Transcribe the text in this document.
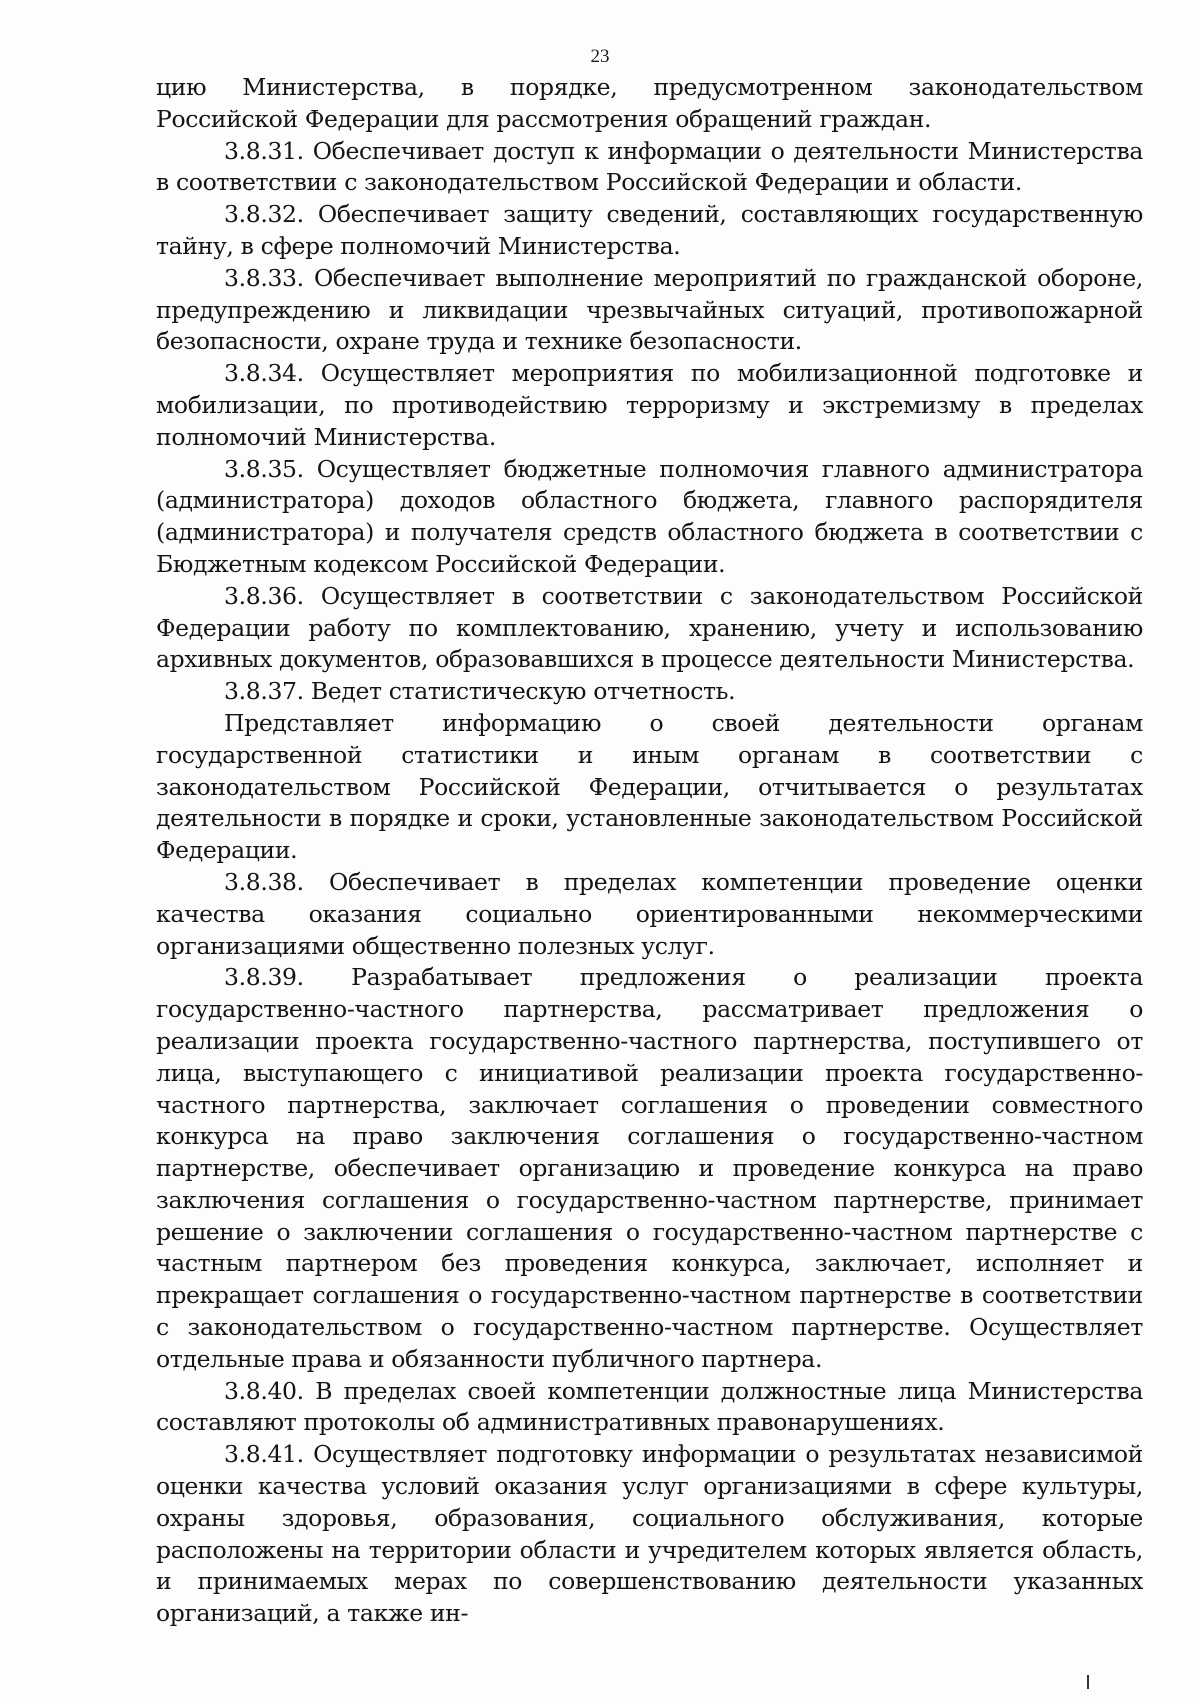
23

цию Министерства, в порядке, предусмотренном законодательством Российской Федерации для рассмотрения обращений граждан.

3.8.31. Обеспечивает доступ к информации о деятельности Министерства в соответствии с законодательством Российской Федерации и области.

3.8.32. Обеспечивает защиту сведений, составляющих государственную тайну, в сфере полномочий Министерства.

3.8.33. Обеспечивает выполнение мероприятий по гражданской обороне, предупреждению и ликвидации чрезвычайных ситуаций, противопожарной безопасности, охране труда и технике безопасности.

3.8.34. Осуществляет мероприятия по мобилизационной подготовке и мобилизации, по противодействию терроризму и экстремизму в пределах полномочий Министерства.

3.8.35. Осуществляет бюджетные полномочия главного администратора (администратора) доходов областного бюджета, главного распорядителя (администратора) и получателя средств областного бюджета в соответствии с Бюджетным кодексом Российской Федерации.

3.8.36. Осуществляет в соответствии с законодательством Российской Федерации работу по комплектованию, хранению, учету и использованию архивных документов, образовавшихся в процессе деятельности Министерства.

3.8.37. Ведет статистическую отчетность.

Представляет информацию о своей деятельности органам государственной статистики и иным органам в соответствии с законодательством Российской Федерации, отчитывается о результатах деятельности в порядке и сроки, установленные законодательством Российской Федерации.

3.8.38. Обеспечивает в пределах компетенции проведение оценки качества оказания социально ориентированными некоммерческими организациями общественно полезных услуг.

3.8.39. Разрабатывает предложения о реализации проекта государственно-частного партнерства, рассматривает предложения о реализации проекта государственно-частного партнерства, поступившего от лица, выступающего с инициативой реализации проекта государственно-частного партнерства, заключает соглашения о проведении совместного конкурса на право заключения соглашения о государственно-частном партнерстве, обеспечивает организацию и проведение конкурса на право заключения соглашения о государственно-частном партнерстве, принимает решение о заключении соглашения о государственно-частном партнерстве с частным партнером без проведения конкурса, заключает, исполняет и прекращает соглашения о государственно-частном партнерстве в соответствии с законодательством о государственно-частном партнерстве. Осуществляет отдельные права и обязанности публичного партнера.

3.8.40. В пределах своей компетенции должностные лица Министерства составляют протоколы об административных правонарушениях.

3.8.41. Осуществляет подготовку информации о результатах независимой оценки качества условий оказания услуг организациями в сфере культуры, охраны здоровья, образования, социального обслуживания, которые расположены на территории области и учредителем которых является область, и принимаемых мерах по совершенствованию деятельности указанных организаций, а также ин-
